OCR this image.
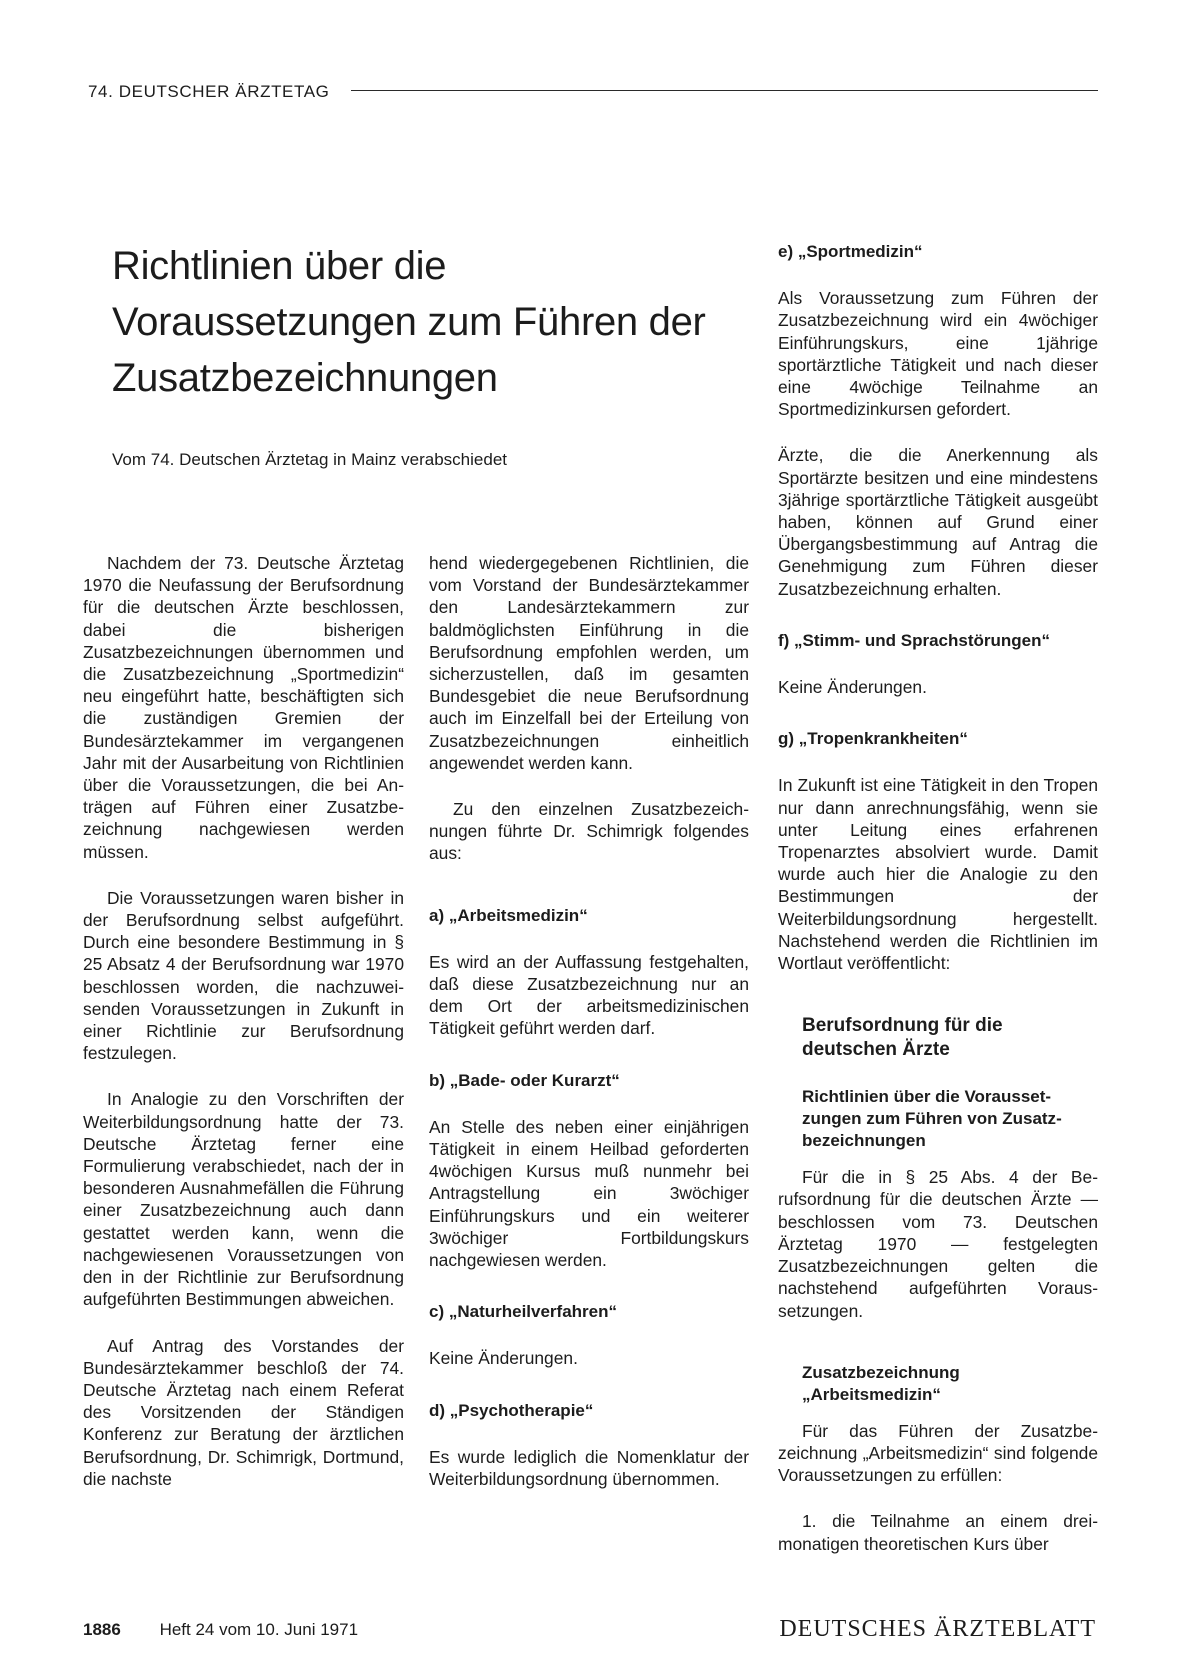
74. DEUTSCHER ÄRZTETAG
Richtlinien über die Voraussetzungen zum Führen der Zusatzbezeichnungen

Vom 74. Deutschen Ärztetag in Mainz verabschiedet

Nachdem der 73. Deutsche Ärztetag 1970 die Neufassung der Berufsordnung für die deutschen Ärzte beschlossen, dabei die bisherigen Zusatzbezeichnungen übernommen und die Zusatzbezeichnung „Sportmedizin“ neu eingeführt hatte, beschäftigten sich die zuständigen Gremien der Bundesärztekammer im vergangenen Jahr mit der Ausarbeitung von Richtlinien über die Voraussetzungen, die bei Anträgen auf Führen einer Zusatzbezeichnung nachgewiesen werden müssen.

Die Voraussetzungen waren bisher in der Berufsordnung selbst aufgeführt. Durch eine besondere Bestimmung in § 25 Absatz 4 der Berufsordnung war 1970 beschlossen worden, die nachzuweisenden Voraussetzungen in Zukunft in einer Richtlinie zur Berufsordnung festzulegen.

In Analogie zu den Vorschriften der Weiterbildungsordnung hatte der 73. Deutsche Ärztetag ferner eine Formulierung verabschiedet, nach der in besonderen Ausnahmefällen die Führung einer Zusatzbezeichnung auch dann gestattet werden kann, wenn die nachgewiesenen Voraussetzungen von den in der Richtlinie zur Berufsordnung aufgeführten Bestimmungen abweichen.

Auf Antrag des Vorstandes der Bundesärztekammer beschloß der 74. Deutsche Ärztetag nach einem Referat des Vorsitzenden der Ständigen Konferenz zur Beratung der ärztlichen Berufsordnung, Dr. Schimrigk, Dortmund, die nachste

hend wiedergegebenen Richtlinien, die vom Vorstand der Bundesärztekammer den Landesärztekammern zur baldmöglichsten Einführung in die Berufsordnung empfohlen werden, um sicherzustellen, daß im gesamten Bundesgebiet die neue Berufsordnung auch im Einzelfall bei der Erteilung von Zusatzbezeichnungen einheitlich angewendet werden kann.

Zu den einzelnen Zusatzbezeichnungen führte Dr. Schimrigk folgendes aus:

a) „Arbeitsmedizin“

Es wird an der Auffassung festgehalten, daß diese Zusatzbezeichnung nur an dem Ort der arbeitsmedizinischen Tätigkeit geführt werden darf.

b) „Bade- oder Kurarzt“

An Stelle des neben einer einjährigen Tätigkeit in einem Heilbad geforderten 4wöchigen Kursus muß nunmehr bei Antragstellung ein 3wöchiger Einführungskurs und ein weiterer 3wöchiger Fortbildungskurs nachgewiesen werden.

c) „Naturheilverfahren“

Keine Änderungen.

d) „Psychotherapie“

Es wurde lediglich die Nomenklatur der Weiterbildungsordnung übernommen.

e) „Sportmedizin“

Als Voraussetzung zum Führen der Zusatzbezeichnung wird ein 4wöchiger Einführungskurs, eine 1jährige sportärztliche Tätigkeit und nach dieser eine 4wöchige Teilnahme an Sportmedizinkursen gefordert.

Ärzte, die die Anerkennung als Sportärzte besitzen und eine mindestens 3jährige sportärztliche Tätigkeit ausgeübt haben, können auf Grund einer Übergangsbestimmung auf Antrag die Genehmigung zum Führen dieser Zusatzbezeichnung erhalten.

f) „Stimm- und Sprachstörungen“

Keine Änderungen.

g) „Tropenkrankheiten“

In Zukunft ist eine Tätigkeit in den Tropen nur dann anrechnungsfähig, wenn sie unter Leitung eines erfahrenen Tropenarztes absolviert wurde. Damit wurde auch hier die Analogie zu den Bestimmungen der Weiterbildungsordnung hergestellt. Nachstehend werden die Richtlinien im Wortlaut veröffentlicht:

Berufsordnung für die deutschen Ärzte

Richtlinien über die Voraussetzungen zum Führen von Zusatzbezeichnungen

Für die in § 25 Abs. 4 der Berufsordnung für die deutschen Ärzte — beschlossen vom 73. Deutschen Ärztetag 1970 — festgelegten Zusatzbezeichnungen gelten die nachstehend aufgeführten Voraussetzungen.

Zusatzbezeichnung „Arbeitsmedizin“

Für das Führen der Zusatzbezeichnung „Arbeitsmedizin“ sind folgende Voraussetzungen zu erfüllen:

1. die Teilnahme an einem dreimonatigen theoretischen Kurs über

1886 Heft 24 vom 10. Juni 1971	DEUTSCHES ÄRZTEBLATT
